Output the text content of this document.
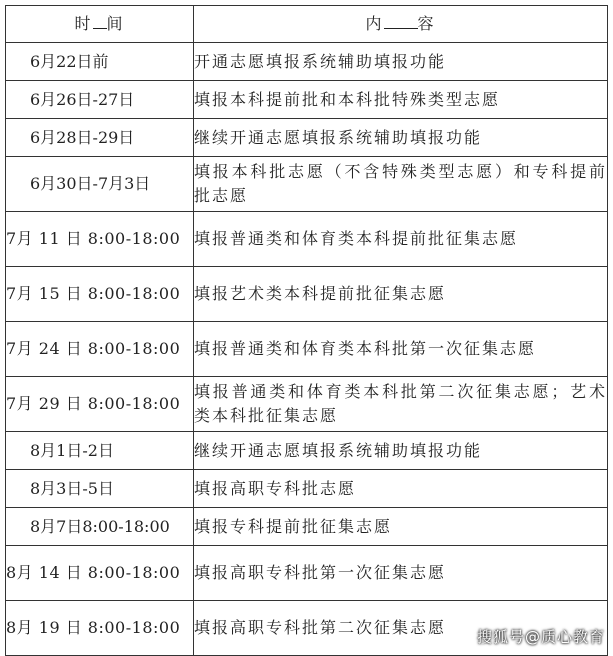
时 间	内 容
6月22日前	开通志愿填报系统辅助填报功能
6月26日-27日	填报本科提前批和本科批特殊类型志愿
6月28日-29日	继续开通志愿填报系统辅助填报功能
6月30日-7月3日	填报本科批志愿（不含特殊类型志愿）和专科提前批志愿
7月 11 日 8:00-18:00	填报普通类和体育类本科提前批征集志愿
7月 15 日 8:00-18:00	填报艺术类本科提前批征集志愿
7月 24 日 8:00-18:00	填报普通类和体育类本科批第一次征集志愿
7月 29 日 8:00-18:00	填报普通类和体育类本科批第二次征集志愿；艺术类本科批征集志愿
8月1日-2日	继续开通志愿填报系统辅助填报功能
8月3日-5日	填报高职专科批志愿
8月7日8:00-18:00	填报专科提前批征集志愿
8月 14 日 8:00-18:00	填报高职专科批第一次征集志愿
8月 19 日 8:00-18:00	填报高职专科批第二次征集志愿 搜狐号@质心教育
